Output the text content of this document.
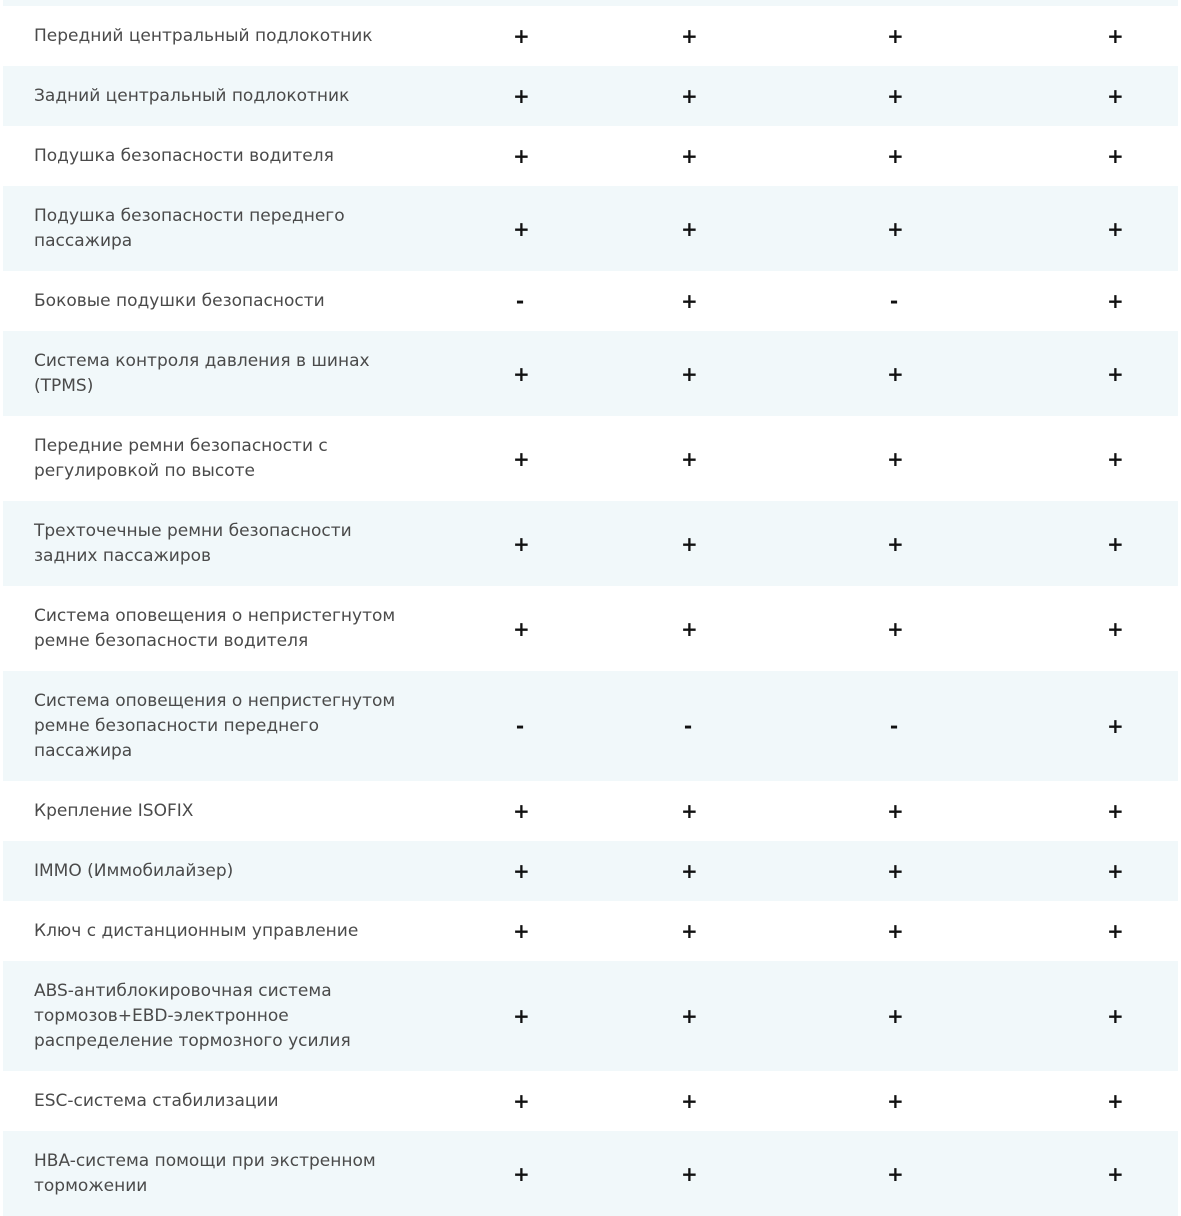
Передний центральный подлокотник	+	+	+	+
Задний центральный подлокотник	+	+	+	+
Подушка безопасности водителя	+	+	+	+
Подушка безопасности переднего пассажира	+	+	+	+
Боковые подушки безопасности	-	+	-	+
Система контроля давления в шинах (TPMS)	+	+	+	+
Передние ремни безопасности с регулировкой по высоте	+	+	+	+
Трехточечные ремни безопасности задних пассажиров	+	+	+	+
Система оповещения о непристегнутом ремне безопасности водителя	+	+	+	+
Система оповещения о непристегнутом ремне безопасности переднего пассажира	-	-	-	+
Крепление ISOFIX	+	+	+	+
IMMO (Иммобилайзер)	+	+	+	+
Ключ с дистанционным управление	+	+	+	+
ABS-антиблокировочная система тормозов+EBD-электронное распределение тормозного усилия	+	+	+	+
ESC-система стабилизации	+	+	+	+
HBA-система помощи при экстренном торможении	+	+	+	+
